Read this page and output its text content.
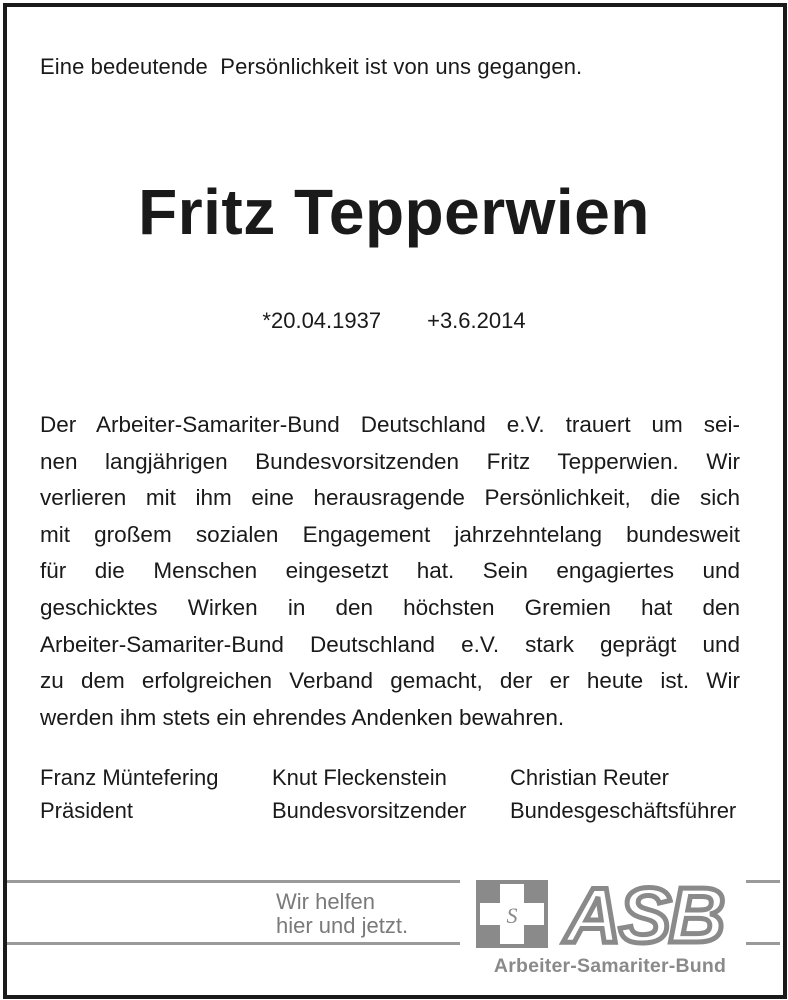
Eine bedeutende  Persönlichkeit ist von uns gegangen.
Fritz Tepperwien
*20.04.1937 +3.6.2014
Der Arbeiter-Samariter-Bund Deutschland e.V. trauert um sei-
nen langjährigen Bundesvorsitzenden Fritz Tepperwien. Wir
verlieren mit ihm eine herausragende Persönlichkeit, die sich
mit großem sozialen Engagement jahrzehntelang bundesweit
für die Menschen eingesetzt hat. Sein engagiertes und
geschicktes Wirken in den höchsten Gremien hat den
Arbeiter-Samariter-Bund Deutschland e.V. stark geprägt und
zu dem erfolgreichen Verband gemacht, der er heute ist. Wir
werden ihm stets ein ehrendes Andenken bewahren.
Franz Müntefering
Präsident
Knut Fleckenstein
Bundesvorsitzender
Christian Reuter
Bundesgeschäftsführer
Wir helfen
hier und jetzt.	S ASB
Arbeiter-Samariter-Bund
